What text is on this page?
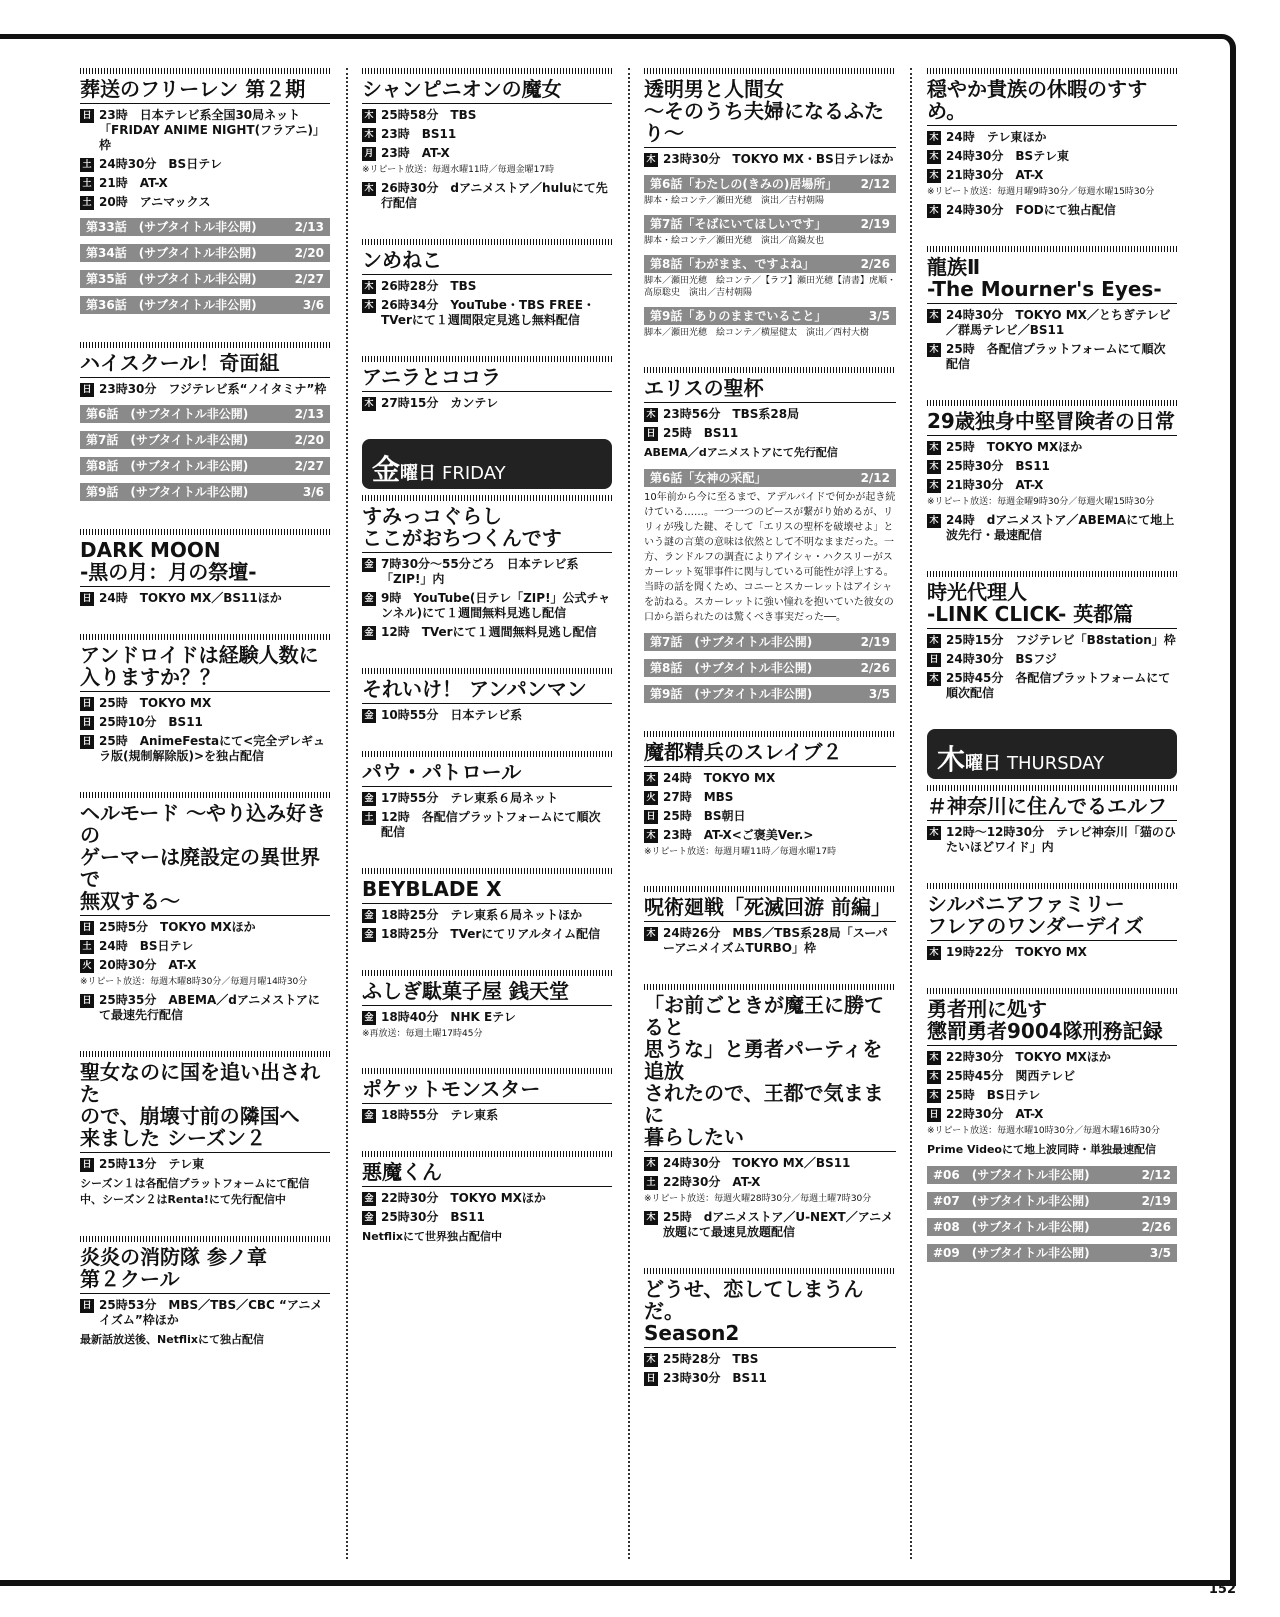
葬送のフリーレン 第２期
日 23時　日本テレビ系全国30局ネット「FRIDAY ANIME NIGHT(フラアニ)」枠
土 24時30分　BS日テレ
土 21時　AT-X
土 20時　アニマックス
第33話　(サブタイトル非公開)	2/13
第34話　(サブタイトル非公開)	2/20
第35話　(サブタイトル非公開)	2/27
第36話　(サブタイトル非公開)	3/6
ハイスクール！奇面組
日 23時30分　フジテレビ系“ノイタミナ”枠
第6話　(サブタイトル非公開)	2/13
第7話　(サブタイトル非公開)	2/20
第8話　(サブタイトル非公開)	2/27
第9話　(サブタイトル非公開)	3/6
DARK MOON
-黒の月：月の祭壇-
日 24時　TOKYO MX／BS11ほか
アンドロイドは経験人数に
入りますか？？
日 25時　TOKYO MX
日 25時10分　BS11
日 25時　AnimeFestaにて<完全デレギュラ版(規制解除版)>を独占配信
ヘルモード ～やり込み好きの
ゲーマーは廃設定の異世界で
無双する～
日 25時5分　TOKYO MXほか
土 24時　BS日テレ
火 20時30分　AT-X
※リピート放送：毎週木曜8時30分／毎週月曜14時30分
日 25時35分　ABEMA／dアニメストアにて最速先行配信
聖女なのに国を追い出された
ので、崩壊寸前の隣国へ
来ました シーズン２
日 25時13分　テレ東
シーズン１は各配信プラットフォームにて配信中、シーズン２はRenta!にて先行配信中
炎炎の消防隊 参ノ章
第２クール
日 25時53分　MBS／TBS／CBC “アニメイズム”枠ほか
最新話放送後、Netflixにて独占配信
シャンピニオンの魔女
木 25時58分　TBS
木 23時　BS11
月 23時　AT-X
※リピート放送：毎週水曜11時／毎週金曜17時
木 26時30分　dアニメストア／huluにて先行配信
ンめねこ
木 26時28分　TBS
木 26時34分　YouTube・TBS FREE・TVerにて１週間限定見逃し無料配信
アニラとココラ
木 27時15分　カンテレ
金 曜日 FRIDAY
すみっコぐらし
ここがおちつくんです
金 7時30分～55分ごろ　日本テレビ系「ZIP!」内
金 9時　YouTube(日テレ「ZIP!」公式チャンネル)にて１週間無料見逃し配信
金 12時　TVerにて１週間無料見逃し配信
それいけ！ アンパンマン
金 10時55分　日本テレビ系
パウ・パトロール
金 17時55分　テレ東系６局ネット
土 12時　各配信プラットフォームにて順次配信
BEYBLADE X
金 18時25分　テレ東系６局ネットほか
金 18時25分　TVerにてリアルタイム配信
ふしぎ駄菓子屋 銭天堂
金 18時40分　NHK Eテレ
※再放送：毎週土曜17時45分
ポケットモンスター
金 18時55分　テレ東系
悪魔くん
金 22時30分　TOKYO MXほか
金 25時30分　BS11
Netflixにて世界独占配信中
透明男と人間女
～そのうち夫婦になるふたり～
木 23時30分　TOKYO MX・BS日テレほか
第6話「わたしの(きみの)居場所」 2/12
脚本・絵コンテ／瀬田光穂　演出／吉村朝陽
第7話「そばにいてほしいです」	2/19
脚本・絵コンテ／瀬田光穂　演出／高鍋友也
第8話「わがまま、ですよね」	2/26
脚本／瀬田光穂　絵コンテ／【ラフ】瀬田光穂【清書】虎順・高原聡史　演出／吉村朝陽
第9話「ありのままでいること」	3/5
脚本／瀬田光穂　絵コンテ／横屋健太　演出／西村大樹
エリスの聖杯
木 23時56分　TBS系28局
日 25時　BS11
ABEMA／dアニメストアにて先行配信
第6話「女神の采配」	2/12
10年前から今に至るまで、アデルバイドで何かが起き続けている……。一つ一つのピースが繋がり始めるが、リリィが残した鍵、そして「エリスの聖杯を破壊せよ」という謎の言葉の意味は依然として不明なままだった。一方、ランドルフの調査によりアイシャ・ハクスリーがスカーレット冤罪事件に関与している可能性が浮上する。当時の話を聞くため、コニーとスカーレットはアイシャを訪ねる。スカーレットに強い憧れを抱いていた彼女の口から語られたのは驚くべき事実だった──。
第7話　(サブタイトル非公開)	2/19
第8話　(サブタイトル非公開)	2/26
第9話　(サブタイトル非公開)	3/5
魔都精兵のスレイブ２
木 24時　TOKYO MX
火 27時　MBS
日 25時　BS朝日
木 23時　AT-X<ご褒美Ver.>
※リピート放送：毎週月曜11時／毎週水曜17時
呪術廻戦「死滅回游 前編」
木 24時26分　MBS／TBS系28局「スーパーアニメイズムTURBO」枠
「お前ごときが魔王に勝てると
思うな」と勇者パーティを追放
されたので、王都で気ままに
暮らしたい
木 24時30分　TOKYO MX／BS11
土 22時30分　AT-X
※リピート放送：毎週火曜28時30分／毎週土曜7時30分
木 25時　dアニメストア／U-NEXT／アニメ放題にて最速見放題配信
どうせ、恋してしまうんだ。
Season2
木 25時28分　TBS
日 23時30分　BS11
穏やか貴族の休暇のすすめ。
木 24時　テレ東ほか
木 24時30分　BSテレ東
木 21時30分　AT-X
※リピート放送：毎週月曜9時30分／毎週水曜15時30分
木 24時30分　FODにて独占配信
龍族Ⅱ
-The Mourner's Eyes-
木 24時30分　TOKYO MX／とちぎテレビ／群馬テレビ／BS11
木 25時　各配信プラットフォームにて順次配信
29歳独身中堅冒険者の日常
木 25時　TOKYO MXほか
木 25時30分　BS11
木 21時30分　AT-X
※リピート放送：毎週金曜9時30分／毎週火曜15時30分
木 24時　dアニメストア／ABEMAにて地上波先行・最速配信
時光代理人
-LINK CLICK- 英都篇
木 25時15分　フジテレビ「B8station」枠
日 24時30分　BSフジ
木 25時45分　各配信プラットフォームにて順次配信
木 曜日 THURSDAY
＃神奈川に住んでるエルフ
木 12時～12時30分　テレビ神奈川「猫のひたいほどワイド」内
シルバニアファミリー
フレアのワンダーデイズ
木 19時22分　TOKYO MX
勇者刑に処す
懲罰勇者9004隊刑務記録
木 22時30分　TOKYO MXほか
木 25時45分　関西テレビ
木 25時　BS日テレ
日 22時30分　AT-X
※リピート放送：毎週水曜10時30分／毎週木曜16時30分
Prime Videoにて地上波同時・単独最速配信
#06　(サブタイトル非公開)	2/12
#07　(サブタイトル非公開)	2/19
#08　(サブタイトル非公開)	2/26
#09　(サブタイトル非公開)	3/5
152
